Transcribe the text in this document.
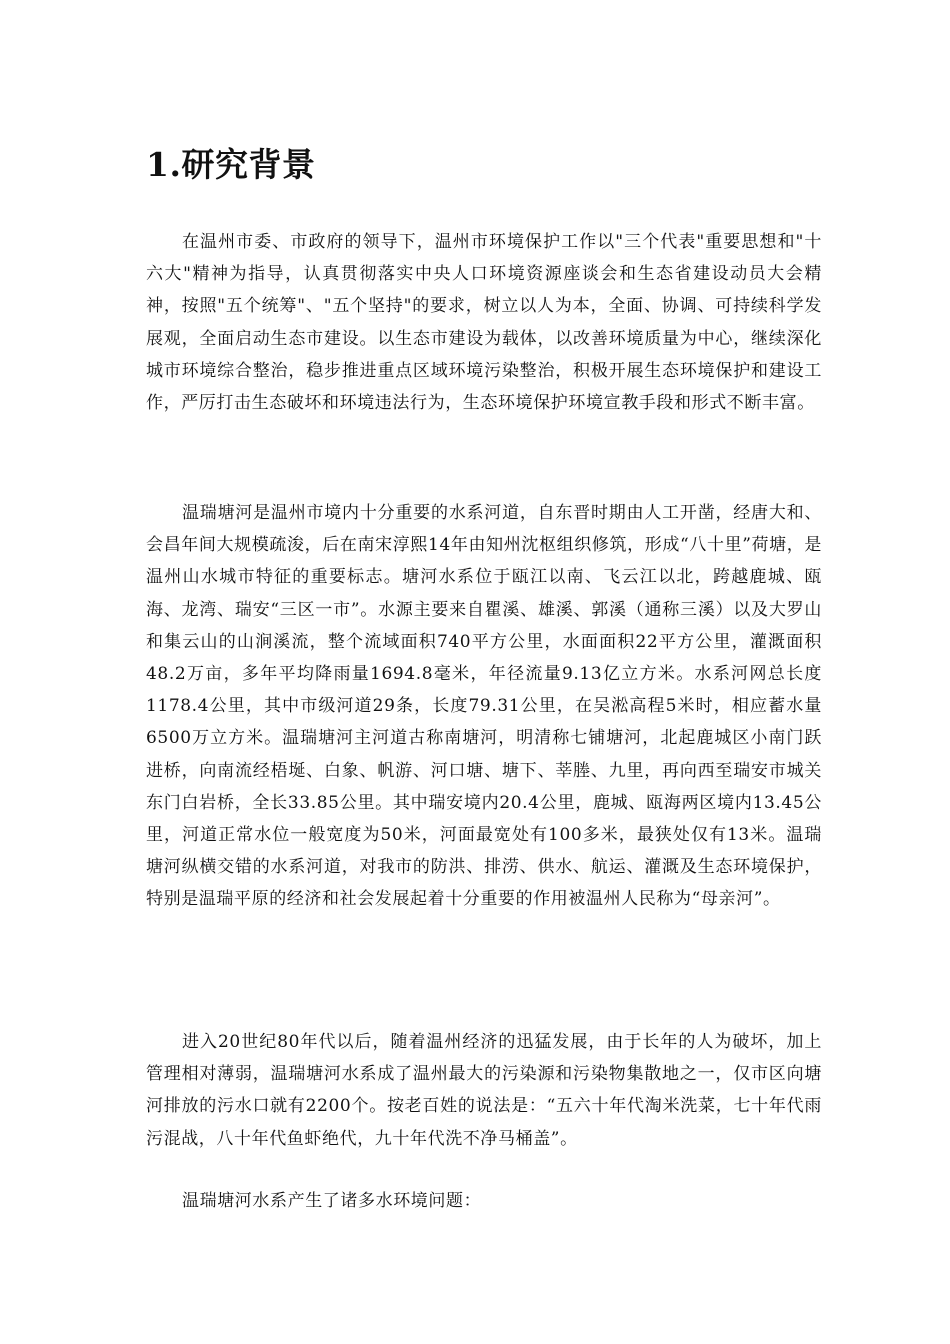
1.研究背景

在温州市委、市政府的领导下，温州市环境保护工作以"三个代表"重要思想和"十六大"精神为指导，认真贯彻落实中央人口环境资源座谈会和生态省建设动员大会精神，按照"五个统筹"、"五个坚持"的要求，树立以人为本，全面、协调、可持续科学发展观，全面启动生态市建设。以生态市建设为载体，以改善环境质量为中心，继续深化城市环境综合整治，稳步推进重点区域环境污染整治，积极开展生态环境保护和建设工作，严厉打击生态破坏和环境违法行为，生态环境保护环境宣教手段和形式不断丰富。

温瑞塘河是温州市境内十分重要的水系河道，自东晋时期由人工开凿，经唐大和、会昌年间大规模疏浚，后在南宋淳熙14年由知州沈枢组织修筑，形成“八十里”荷塘，是温州山水城市特征的重要标志。塘河水系位于瓯江以南、飞云江以北，跨越鹿城、瓯海、龙湾、瑞安“三区一市”。水源主要来自瞿溪、雄溪、郭溪（通称三溪）以及大罗山和集云山的山涧溪流，整个流域面积740平方公里，水面面积22平方公里，灌溉面积48.2万亩，多年平均降雨量1694.8毫米，年径流量9.13亿立方米。水系河网总长度1178.4公里，其中市级河道29条，长度79.31公里，在吴淞高程5米时，相应蓄水量6500万立方米。温瑞塘河主河道古称南塘河，明清称七铺塘河，北起鹿城区小南门跃进桥，向南流经梧埏、白象、帆游、河口塘、塘下、莘塍、九里，再向西至瑞安市城关东门白岩桥，全长33.85公里。其中瑞安境内20.4公里，鹿城、瓯海两区境内13.45公里，河道正常水位一般宽度为50米，河面最宽处有100多米，最狭处仅有13米。温瑞塘河纵横交错的水系河道，对我市的防洪、排涝、供水、航运、灌溉及生态环境保护，特别是温瑞平原的经济和社会发展起着十分重要的作用被温州人民称为“母亲河”。

进入20世纪80年代以后，随着温州经济的迅猛发展，由于长年的人为破坏，加上管理相对薄弱，温瑞塘河水系成了温州最大的污染源和污染物集散地之一，仅市区向塘河排放的污水口就有2200个。按老百姓的说法是：“五六十年代淘米洗菜，七十年代雨污混战，八十年代鱼虾绝代，九十年代洗不净马桶盖”。

温瑞塘河水系产生了诸多水环境问题：
